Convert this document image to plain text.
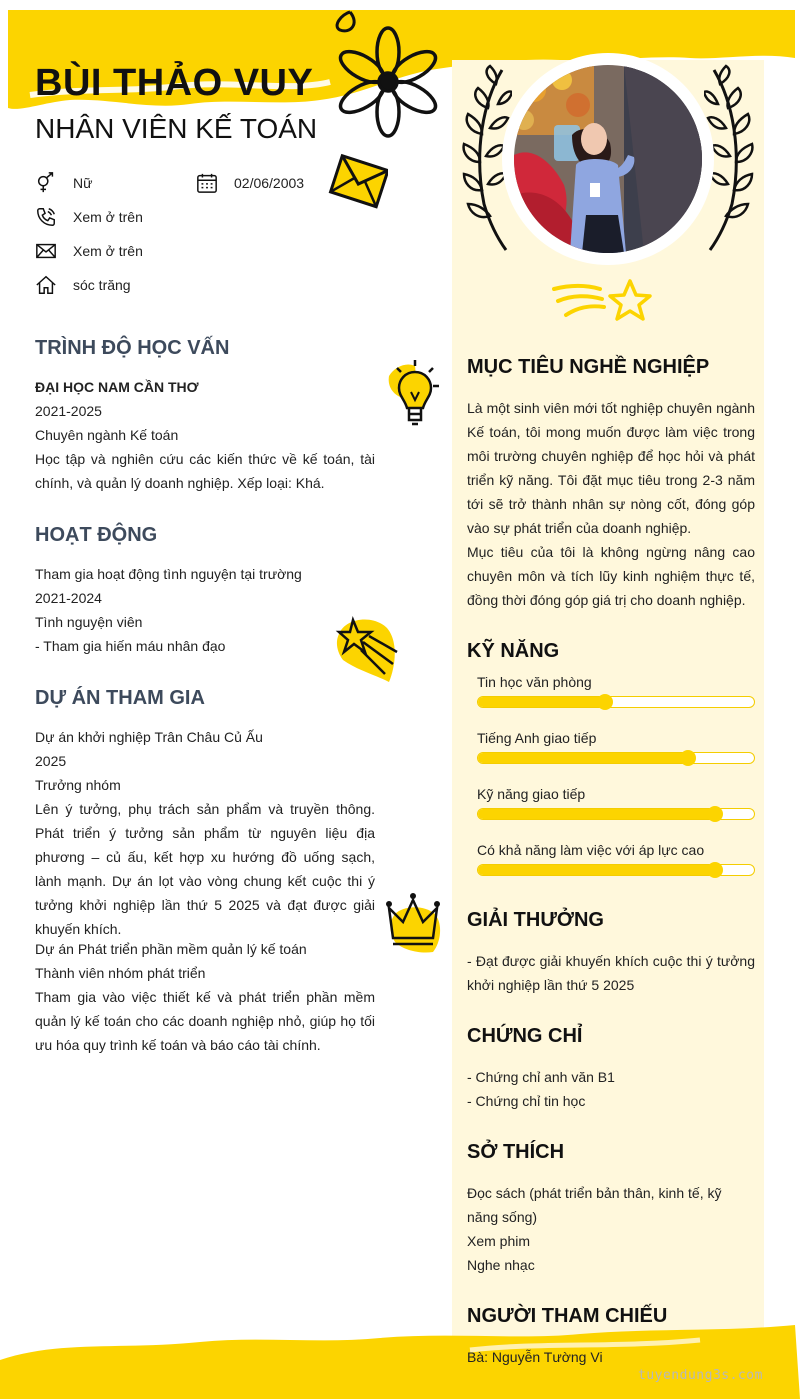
BÙI THẢO VUY
NHÂN VIÊN KẾ TOÁN
Nữ	02/06/2003
Xem ở trên
Xem ở trên
sóc trăng
TRÌNH ĐỘ HỌC VẤN

ĐẠI HỌC NAM CẦN THƠ

2021-2025

Chuyên ngành Kế toán

Học tập và nghiên cứu các kiến thức về kế toán, tài chính, và quản lý doanh nghiệp. Xếp loại: Khá.

HOẠT ĐỘNG

Tham gia hoạt động tình nguyện tại trường

2021-2024

Tình nguyện viên

- Tham gia hiến máu nhân đạo

DỰ ÁN THAM GIA

Dự án khởi nghiệp Trân Châu Củ Ấu

2025

Trưởng nhóm

Lên ý tưởng, phụ trách sản phẩm và truyền thông. Phát triển ý tưởng sản phẩm từ nguyên liệu địa phương – củ ấu, kết hợp xu hướng đồ uống sạch, lành mạnh. Dự án lọt vào vòng chung kết cuộc thi ý tưởng khởi nghiệp lần thứ 5 2025 và đạt được giải khuyến khích.

Dự án Phát triển phần mềm quản lý kế toán

Thành viên nhóm phát triển

Tham gia vào việc thiết kế và phát triển phần mềm quản lý kế toán cho các doanh nghiệp nhỏ, giúp họ tối ưu hóa quy trình kế toán và báo cáo tài chính.

MỤC TIÊU NGHỀ NGHIỆP

Là một sinh viên mới tốt nghiệp chuyên ngành Kế toán, tôi mong muốn được làm việc trong môi trường chuyên nghiệp để học hỏi và phát triển kỹ năng. Tôi đặt mục tiêu trong 2-3 năm tới sẽ trở thành nhân sự nòng cốt, đóng góp vào sự phát triển của doanh nghiệp.

Mục tiêu của tôi là không ngừng nâng cao chuyên môn và tích lũy kinh nghiệm thực tế, đồng thời đóng góp giá trị cho doanh nghiệp.

KỸ NĂNG
Tin học văn phòng
Tiếng Anh giao tiếp
Kỹ năng giao tiếp
Có khả năng làm việc với áp lực cao
GIẢI THƯỞNG

- Đạt được giải khuyến khích cuộc thi ý tưởng khởi nghiệp lần thứ 5 2025

CHỨNG CHỈ

- Chứng chỉ anh văn B1

- Chứng chỉ tin học

SỞ THÍCH

Đọc sách (phát triển bản thân, kinh tế, kỹ năng sống)

Xem phim

Nghe nhạc

NGƯỜI THAM CHIẾU

Bà: Nguyễn Tường Vi

tuyendung3s.com
